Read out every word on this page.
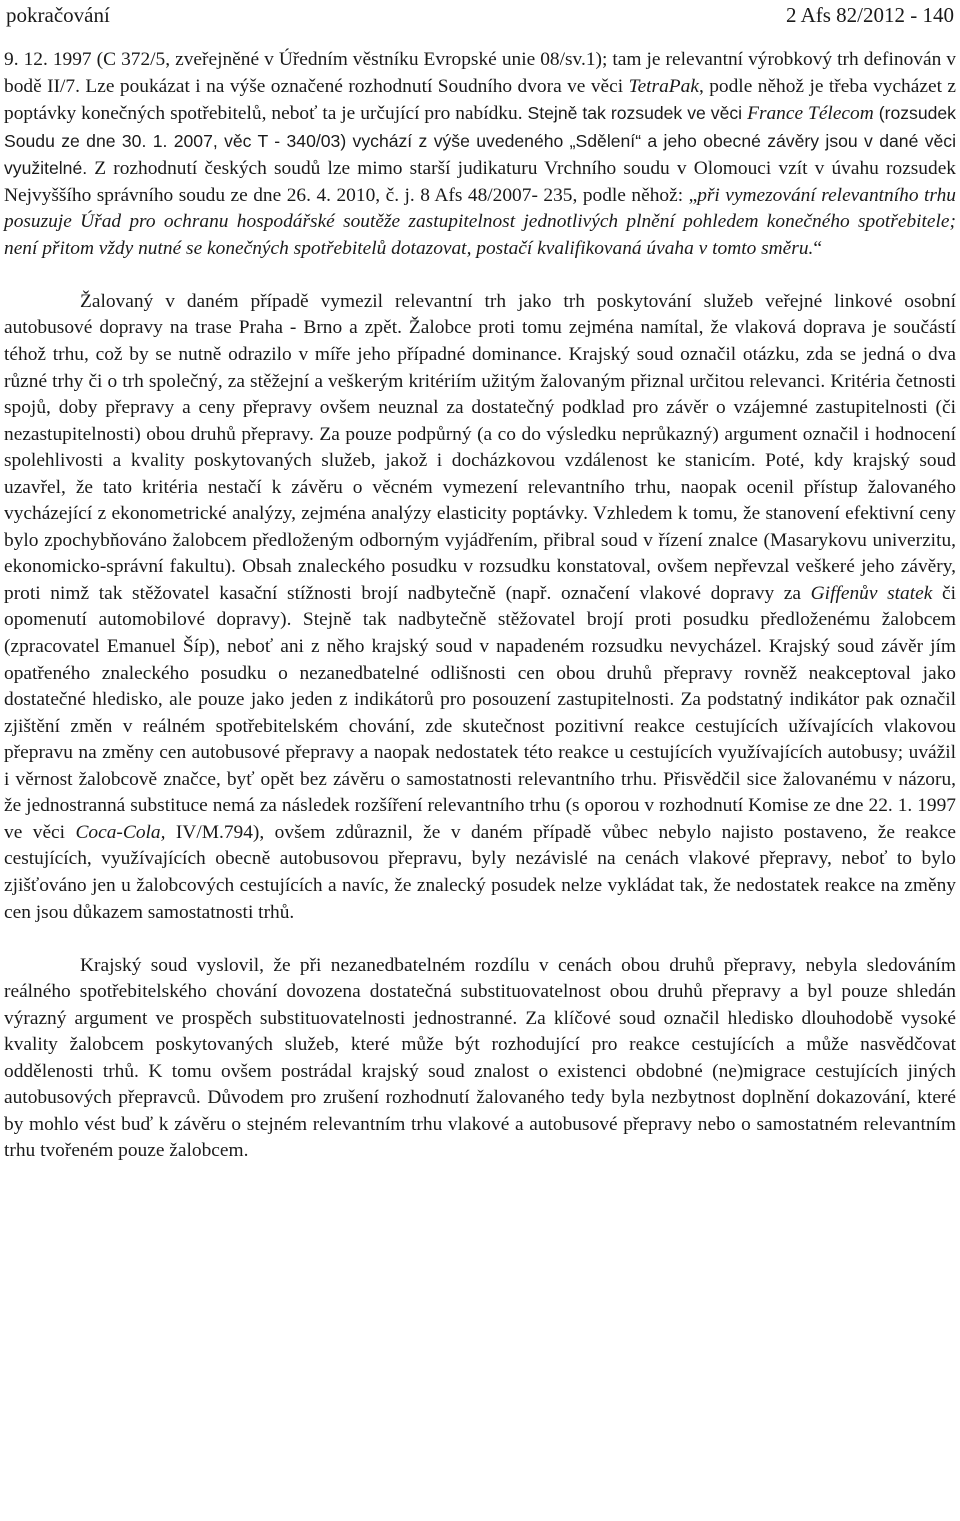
pokračování	2 Afs 82/2012 - 140

9. 12. 1997 (C 372/5, zveřejněné v Úředním věstníku Evropské unie 08/sv.1); tam je relevantní výrobkový trh definován v bodě II/7. Lze poukázat i na výše označené rozhodnutí Soudního dvora ve věci TetraPak, podle něhož je třeba vycházet z poptávky konečných spotřebitelů, neboť ta je určující pro nabídku. Stejně tak rozsudek ve věci France Télecom (rozsudek Soudu ze dne 30. 1. 2007, věc T - 340/03) vychází z výše uvedeného „Sdělení“ a jeho obecné závěry jsou v dané věci využitelné. Z rozhodnutí českých soudů lze mimo starší judikaturu Vrchního soudu v Olomouci vzít v úvahu rozsudek Nejvyššího správního soudu ze dne 26. 4. 2010, č. j. 8 Afs 48/2007- 235, podle něhož: „při vymezování relevantního trhu posuzuje Úřad pro ochranu hospodářské soutěže zastupitelnost jednotlivých plnění pohledem konečného spotřebitele; není přitom vždy nutné se konečných spotřebitelů dotazovat, postačí kvalifikovaná úvaha v tomto směru.“

Žalovaný v daném případě vymezil relevantní trh jako trh poskytování služeb veřejné linkové osobní autobusové dopravy na trase Praha - Brno a zpět. Žalobce proti tomu zejména namítal, že vlaková doprava je součástí téhož trhu, což by se nutně odrazilo v míře jeho případné dominance. Krajský soud označil otázku, zda se jedná o dva různé trhy či o trh společný, za stěžejní a veškerým kritériím užitým žalovaným přiznal určitou relevanci. Kritéria četnosti spojů, doby přepravy a ceny přepravy ovšem neuznal za dostatečný podklad pro závěr o vzájemné zastupitelnosti (či nezastupitelnosti) obou druhů přepravy. Za pouze podpůrný (a co do výsledku neprůkazný) argument označil i hodnocení spolehlivosti a kvality poskytovaných služeb, jakož i docházkovou vzdálenost ke stanicím. Poté, kdy krajský soud uzavřel, že tato kritéria nestačí k závěru o věcném vymezení relevantního trhu, naopak ocenil přístup žalovaného vycházející z ekonometrické analýzy, zejména analýzy elasticity poptávky. Vzhledem k tomu, že stanovení efektivní ceny bylo zpochybňováno žalobcem předloženým odborným vyjádřením, přibral soud v řízení znalce (Masarykovu univerzitu, ekonomicko-správní fakultu). Obsah znaleckého posudku v rozsudku konstatoval, ovšem nepřevzal veškeré jeho závěry, proti nimž tak stěžovatel kasační stížnosti brojí nadbytečně (např. označení vlakové dopravy za Giffenův statek či opomenutí automobilové dopravy). Stejně tak nadbytečně stěžovatel brojí proti posudku předloženému žalobcem (zpracovatel Emanuel Šíp), neboť ani z něho krajský soud v napadeném rozsudku nevycházel. Krajský soud závěr jím opatřeného znaleckého posudku o nezanedbatelné odlišnosti cen obou druhů přepravy rovněž neakceptoval jako dostatečné hledisko, ale pouze jako jeden z indikátorů pro posouzení zastupitelnosti. Za podstatný indikátor pak označil zjištění změn v reálném spotřebitelském chování, zde skutečnost pozitivní reakce cestujících užívajících vlakovou přepravu na změny cen autobusové přepravy a naopak nedostatek této reakce u cestujících využívajících autobusy; uvážil i věrnost žalobcově značce, byť opět bez závěru o samostatnosti relevantního trhu. Přisvědčil sice žalovanému v názoru, že jednostranná substituce nemá za následek rozšíření relevantního trhu (s oporou v rozhodnutí Komise ze dne 22. 1. 1997 ve věci Coca-Cola, IV/M.794), ovšem zdůraznil, že v daném případě vůbec nebylo najisto postaveno, že reakce cestujících, využívajících obecně autobusovou přepravu, byly nezávislé na cenách vlakové přepravy, neboť to bylo zjišťováno jen u žalobcových cestujících a navíc, že znalecký posudek nelze vykládat tak, že nedostatek reakce na změny cen jsou důkazem samostatnosti trhů.

Krajský soud vyslovil, že při nezanedbatelném rozdílu v cenách obou druhů přepravy, nebyla sledováním reálného spotřebitelského chování dovozena dostatečná substituovatelnost obou druhů přepravy a byl pouze shledán výrazný argument ve prospěch substituovatelnosti jednostranné. Za klíčové soud označil hledisko dlouhodobě vysoké kvality žalobcem poskytovaných služeb, které může být rozhodující pro reakce cestujících a může nasvědčovat oddělenosti trhů. K tomu ovšem postrádal krajský soud znalost o existenci obdobné (ne)migrace cestujících jiných autobusových přepravců. Důvodem pro zrušení rozhodnutí žalovaného tedy byla nezbytnost doplnění dokazování, které by mohlo vést buď k závěru o stejném relevantním trhu vlakové a autobusové přepravy nebo o samostatném relevantním trhu tvořeném pouze žalobcem.
